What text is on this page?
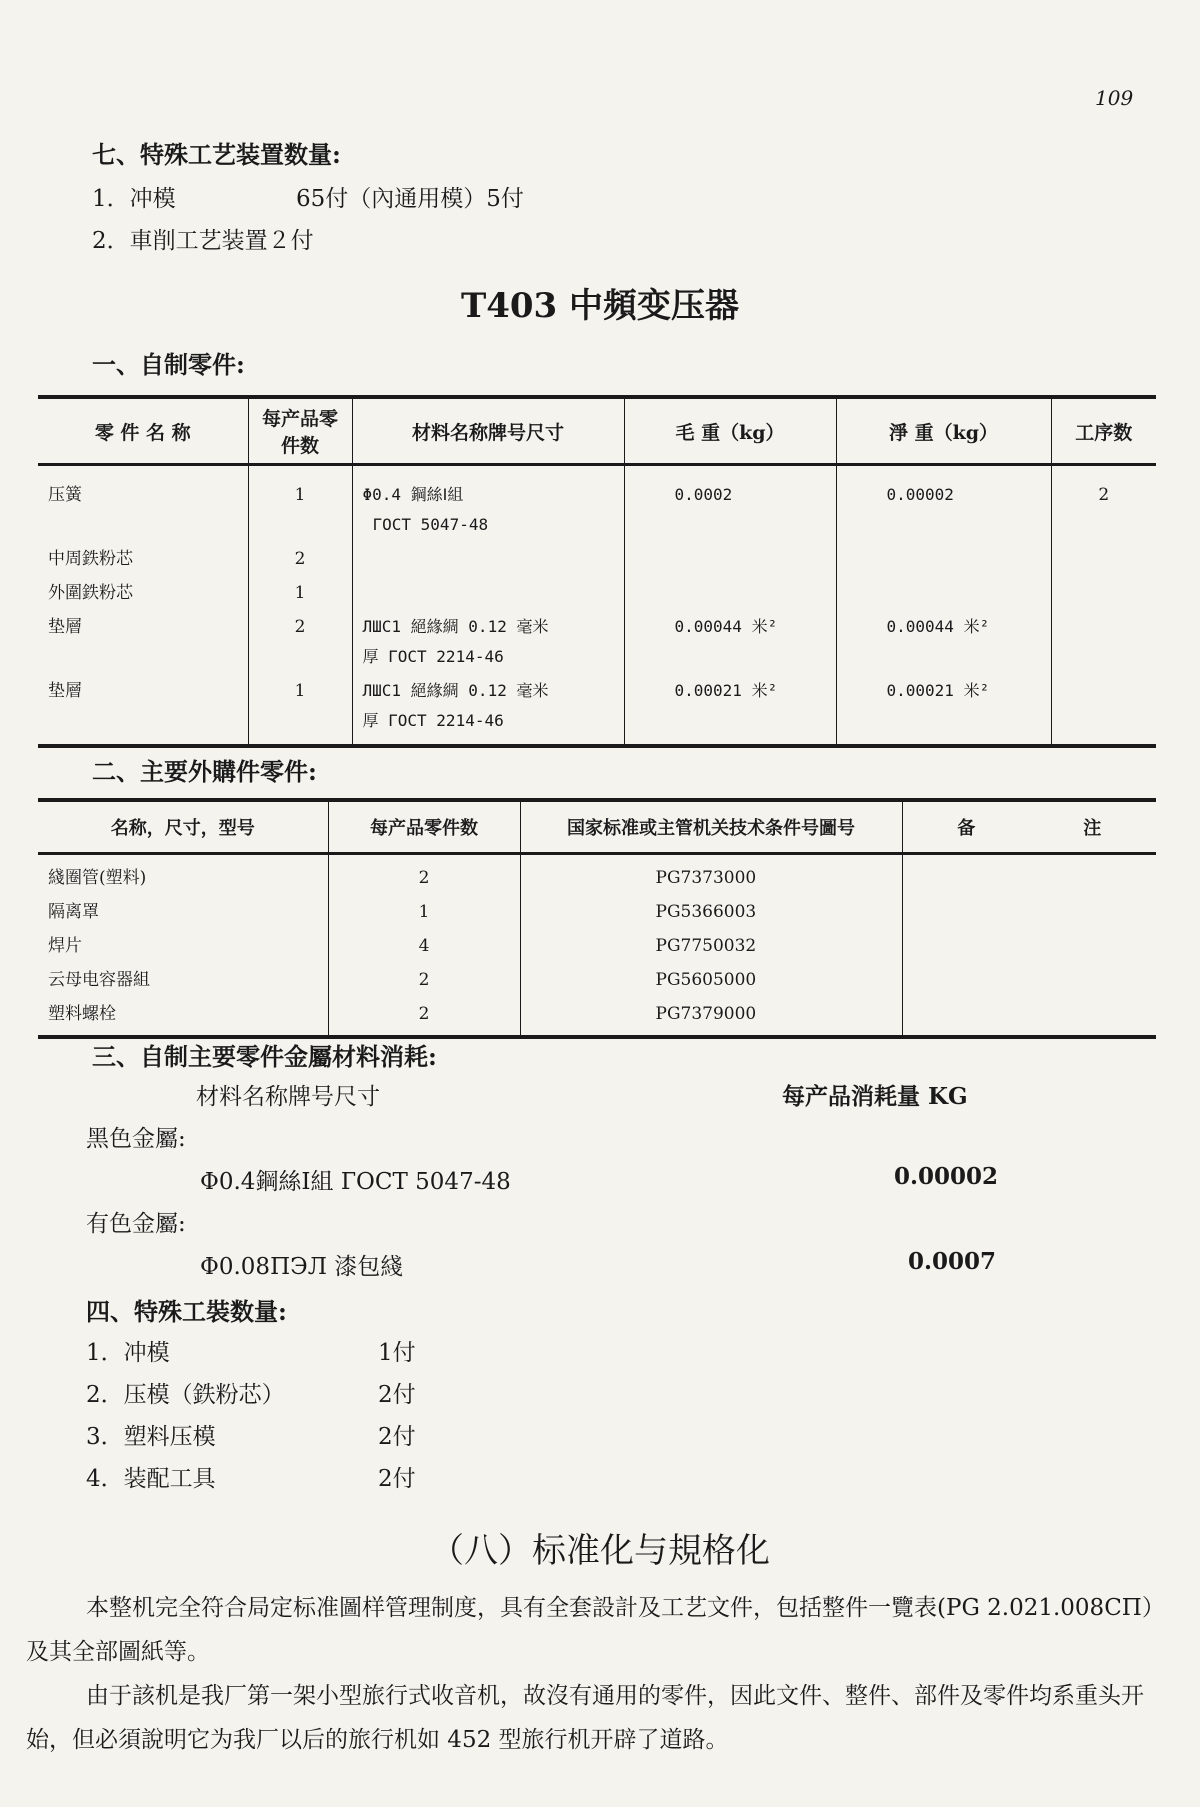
109
七、特殊工艺装置数量:
1．冲模	65付（內通用模）5付
2．車削工艺装置２付
T403 中頻变压器
一、自制零件:
零 件 名 称	每产品零件数	材料名称牌号尺寸	毛 重（kg）	淨 重（kg）	工序数
压簧	1	Φ0.4 鋼絲Ⅰ組
ГОСТ 5047-48	0.0002	0.00002	2
中周鉄粉芯	2				
外圍鉄粉芯	1				
垫層	2	ЛШС1 絕緣綢 0.12 毫米
厚 ГОСТ 2214-46	0.00044 米²	0.00044 米²	
垫層	1	ЛШС1 絕緣綢 0.12 毫米
厚 ГОСТ 2214-46	0.00021 米²	0.00021 米²	
二、主要外購件零件:
名称，尺寸，型号	每产品零件数	国家标准或主管机关技术条件号圖号	备　　　　　　注
綫圈管(塑料)	2	PG7373000	
隔离罩	1	PG5366003	
焊片	4	PG7750032	
云母电容器組	2	PG5605000	
塑料螺栓	2	PG7379000	
三、自制主要零件金屬材料消耗:
材料名称牌号尺寸	每产品消耗量 KG
黑色金屬:
Φ0.4鋼絲Ⅰ組 ГОСТ 5047-48	0.00002
有色金屬:
Φ0.08ПЭЛ 漆包綫	0.0007
四、特殊工裝数量:
1．冲模	1付
2．压模（鉄粉芯）	2付
3．塑料压模	2付
4．装配工具	2付
（八）标准化与規格化
本整机完全符合局定标准圖样管理制度，具有全套設計及工艺文件，包括整件一覽表(PG 2.021.008СП）及其全部圖紙等。
由于該机是我厂第一架小型旅行式收音机，故沒有通用的零件，因此文件、整件、部件及零件均系重头开始，但必須說明它为我厂以后的旅行机如 452 型旅行机开辟了道路。
